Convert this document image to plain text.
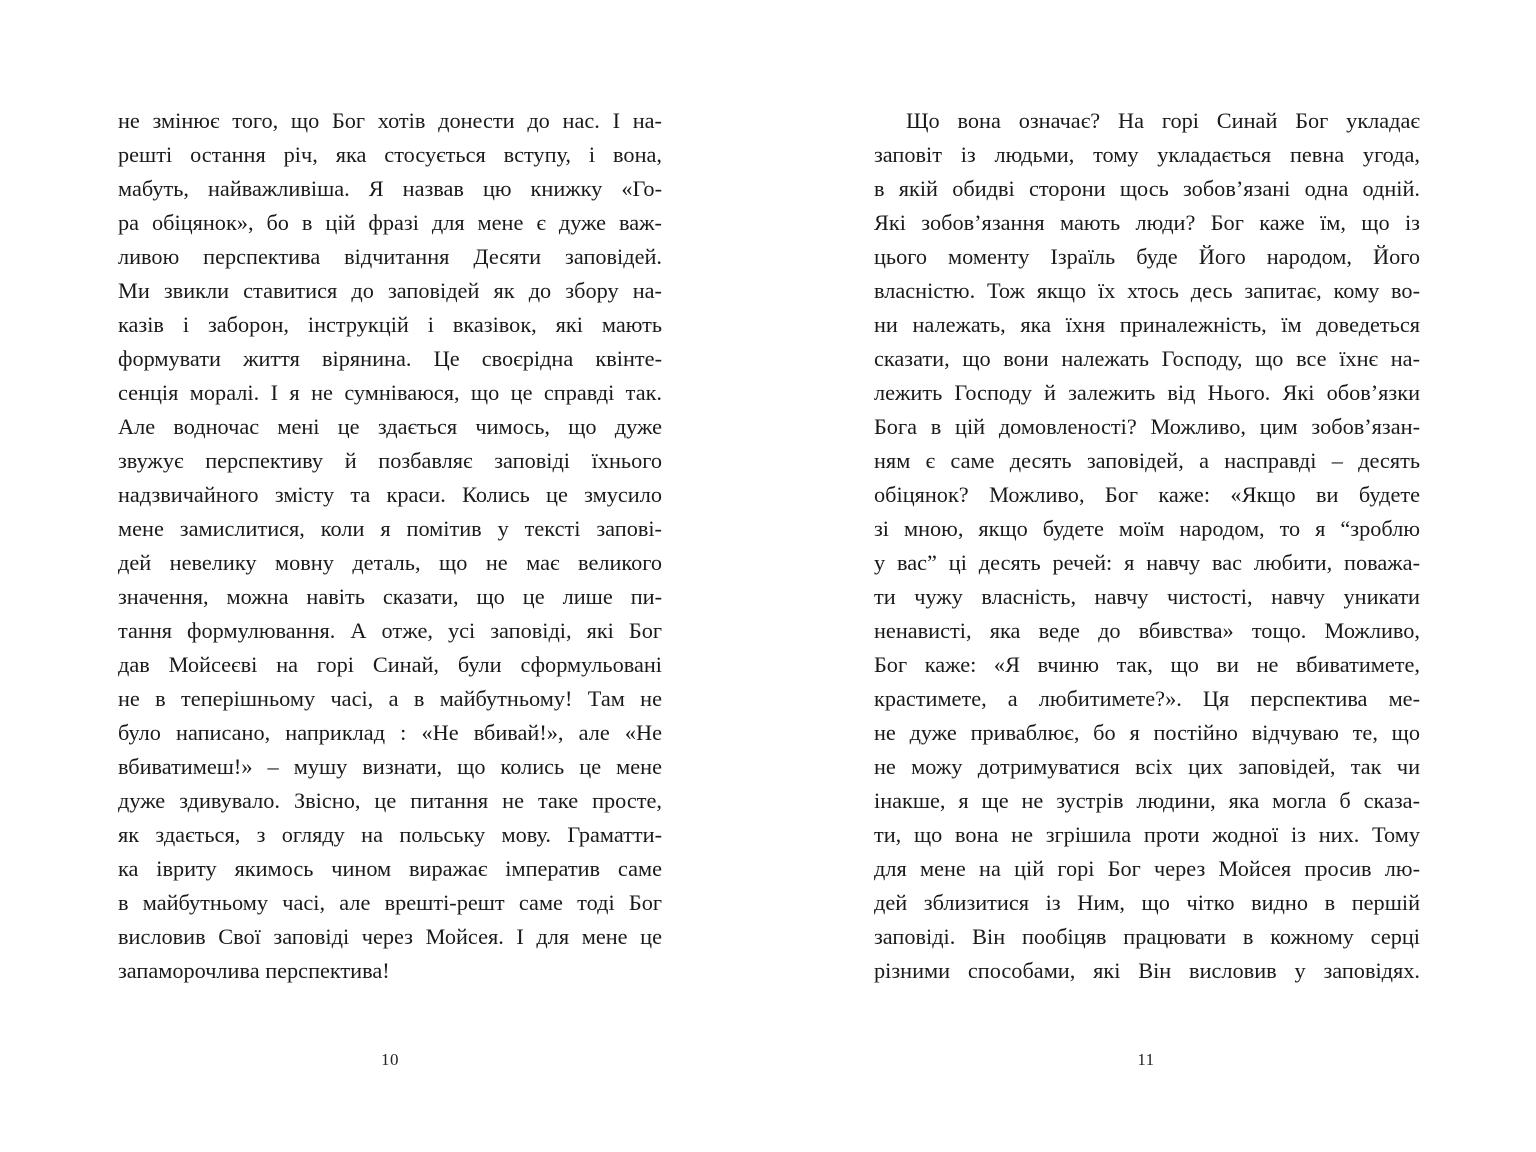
не змінює того, що Бог хотів донести до нас. І на-
решті остання річ, яка стосується вступу, і вона,
мабуть, найважливіша. Я назвав цю книжку «Го-
ра обіцянок», бо в цій фразі для мене є дуже важ-
ливою перспектива відчитання Десяти заповідей.
Ми звикли ставитися до заповідей як до збору на-
казів і заборон, інструкцій і вказівок, які мають
формувати життя вірянина. Це своєрідна квінте-
сенція моралі. І я не сумніваюся, що це справді так.
Але водночас мені це здається чимось, що дуже
звужує перспективу й позбавляє заповіді їхнього
надзвичайного змісту та краси. Колись це змусило
мене замислитися, коли я помітив у тексті запові-
дей невелику мовну деталь, що не має великого
значення, можна навіть сказати, що це лише пи-
тання формулювання. А отже, усі заповіді, які Бог
дав Мойсеєві на горі Синай, були сформульовані
не в теперішньому часі, а в майбутньому! Там не
було написано, наприклад : «Не вбивай!», але «Не
вбиватимеш!» – мушу визнати, що колись це мене
дуже здивувало. Звісно, це питання не таке просте,
як здається, з огляду на польську мову. Граматти-
ка івриту якимось чином виражає імператив саме
в майбутньому часі, але врешті-решт саме тоді Бог
висловив Свої заповіді через Мойсея. І для мене це
запаморочлива перспектива!
10
Що вона означає? На горі Синай Бог укладає
заповіт із людьми, тому укладається певна угода,
в якій обидві сторони щось зобов’язані одна одній.
Які зобов’язання мають люди? Бог каже їм, що із
цього моменту Ізраїль буде Його народом, Його
власністю. Тож якщо їх хтось десь запитає, кому во-
ни належать, яка їхня приналежність, їм доведеться
сказати, що вони належать Господу, що все їхнє на-
лежить Господу й залежить від Нього. Які обов’язки
Бога в цій домовленості? Можливо, цим зобов’язан-
ням є саме десять заповідей, а насправді – десять
обіцянок? Можливо, Бог каже: «Якщо ви будете
зі мною, якщо будете моїм народом, то я “зроблю
у вас” ці десять речей: я навчу вас любити, поважа-
ти чужу власність, навчу чистості, навчу уникати
ненависті, яка веде до вбивства» тощо. Можливо,
Бог каже: «Я вчиню так, що ви не вбиватимете,
крастимете, а любитимете?». Ця перспектива ме-
не дуже приваблює, бо я постійно відчуваю те, що
не можу дотримуватися всіх цих заповідей, так чи
інакше, я ще не зустрів людини, яка могла б сказа-
ти, що вона не згрішила проти жодної із них. Тому
для мене на цій горі Бог через Мойсея просив лю-
дей зблизитися із Ним, що чітко видно в першій
заповіді. Він пообіцяв працювати в кожному серці
різними способами, які Він висловив у заповідях.
11
